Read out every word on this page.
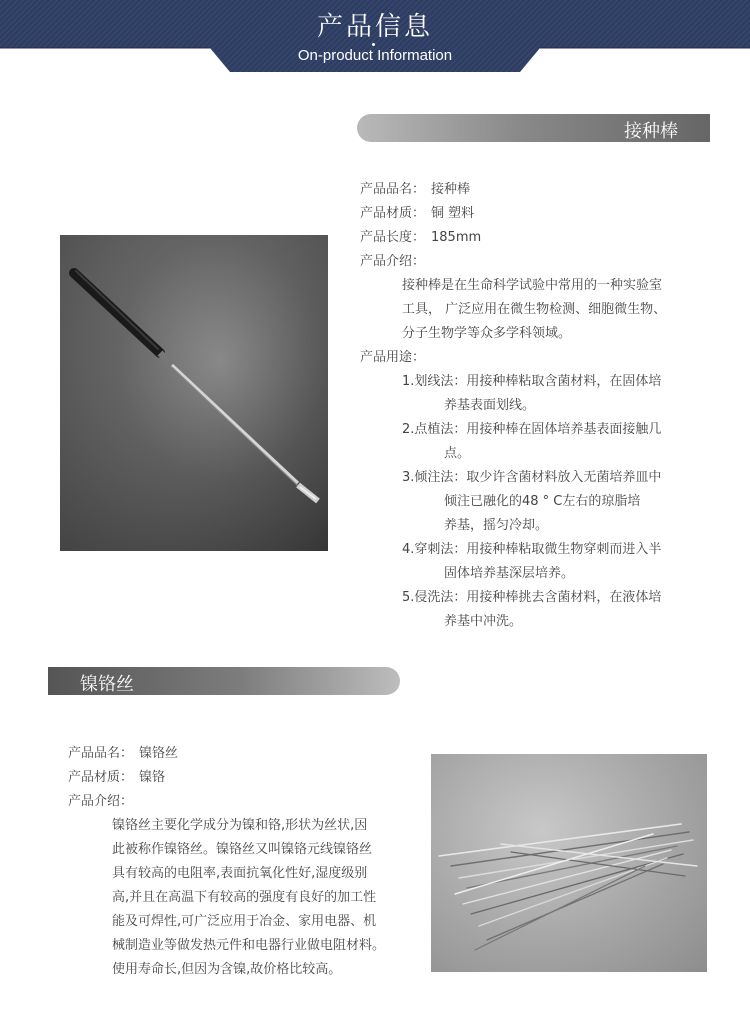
产品信息
On-product Information
接种棒
产品品名： 接种棒
产品材质： 铜 塑料
产品长度： 185mm
产品介绍：
接种棒是在生命科学试验中常用的一种实验室
工具， 广泛应用在微生物检测、细胞微生物、
分子生物学等众多学科领域。
产品用途：
1.划线法：用接种棒粘取含菌材料，在固体培
养基表面划线。
2.点植法：用接种棒在固体培养基表面接触几
点。
3.倾注法：取少许含菌材料放入无菌培养皿中
倾注已融化的48 ° C左右的琼脂培
养基，摇匀冷却。
4.穿刺法：用接种棒粘取微生物穿刺而进入半
固体培养基深层培养。
5.侵洗法：用接种棒挑去含菌材料，在液体培
养基中冲洗。
镍铬丝
产品品名： 镍铬丝
产品材质： 镍铬
产品介绍：
镍铬丝主要化学成分为镍和铬,形状为丝状,因
此被称作镍铬丝。镍铬丝又叫镍铬元线镍铬丝
具有较高的电阻率,表面抗氧化性好,湿度级别
高,并且在高温下有较高的强度有良好的加工性
能及可焊性,可广泛应用于冶金、家用电器、机
械制造业等做发热元件和电器行业做电阻材料。
使用寿命长,但因为含镍,故价格比较高。
